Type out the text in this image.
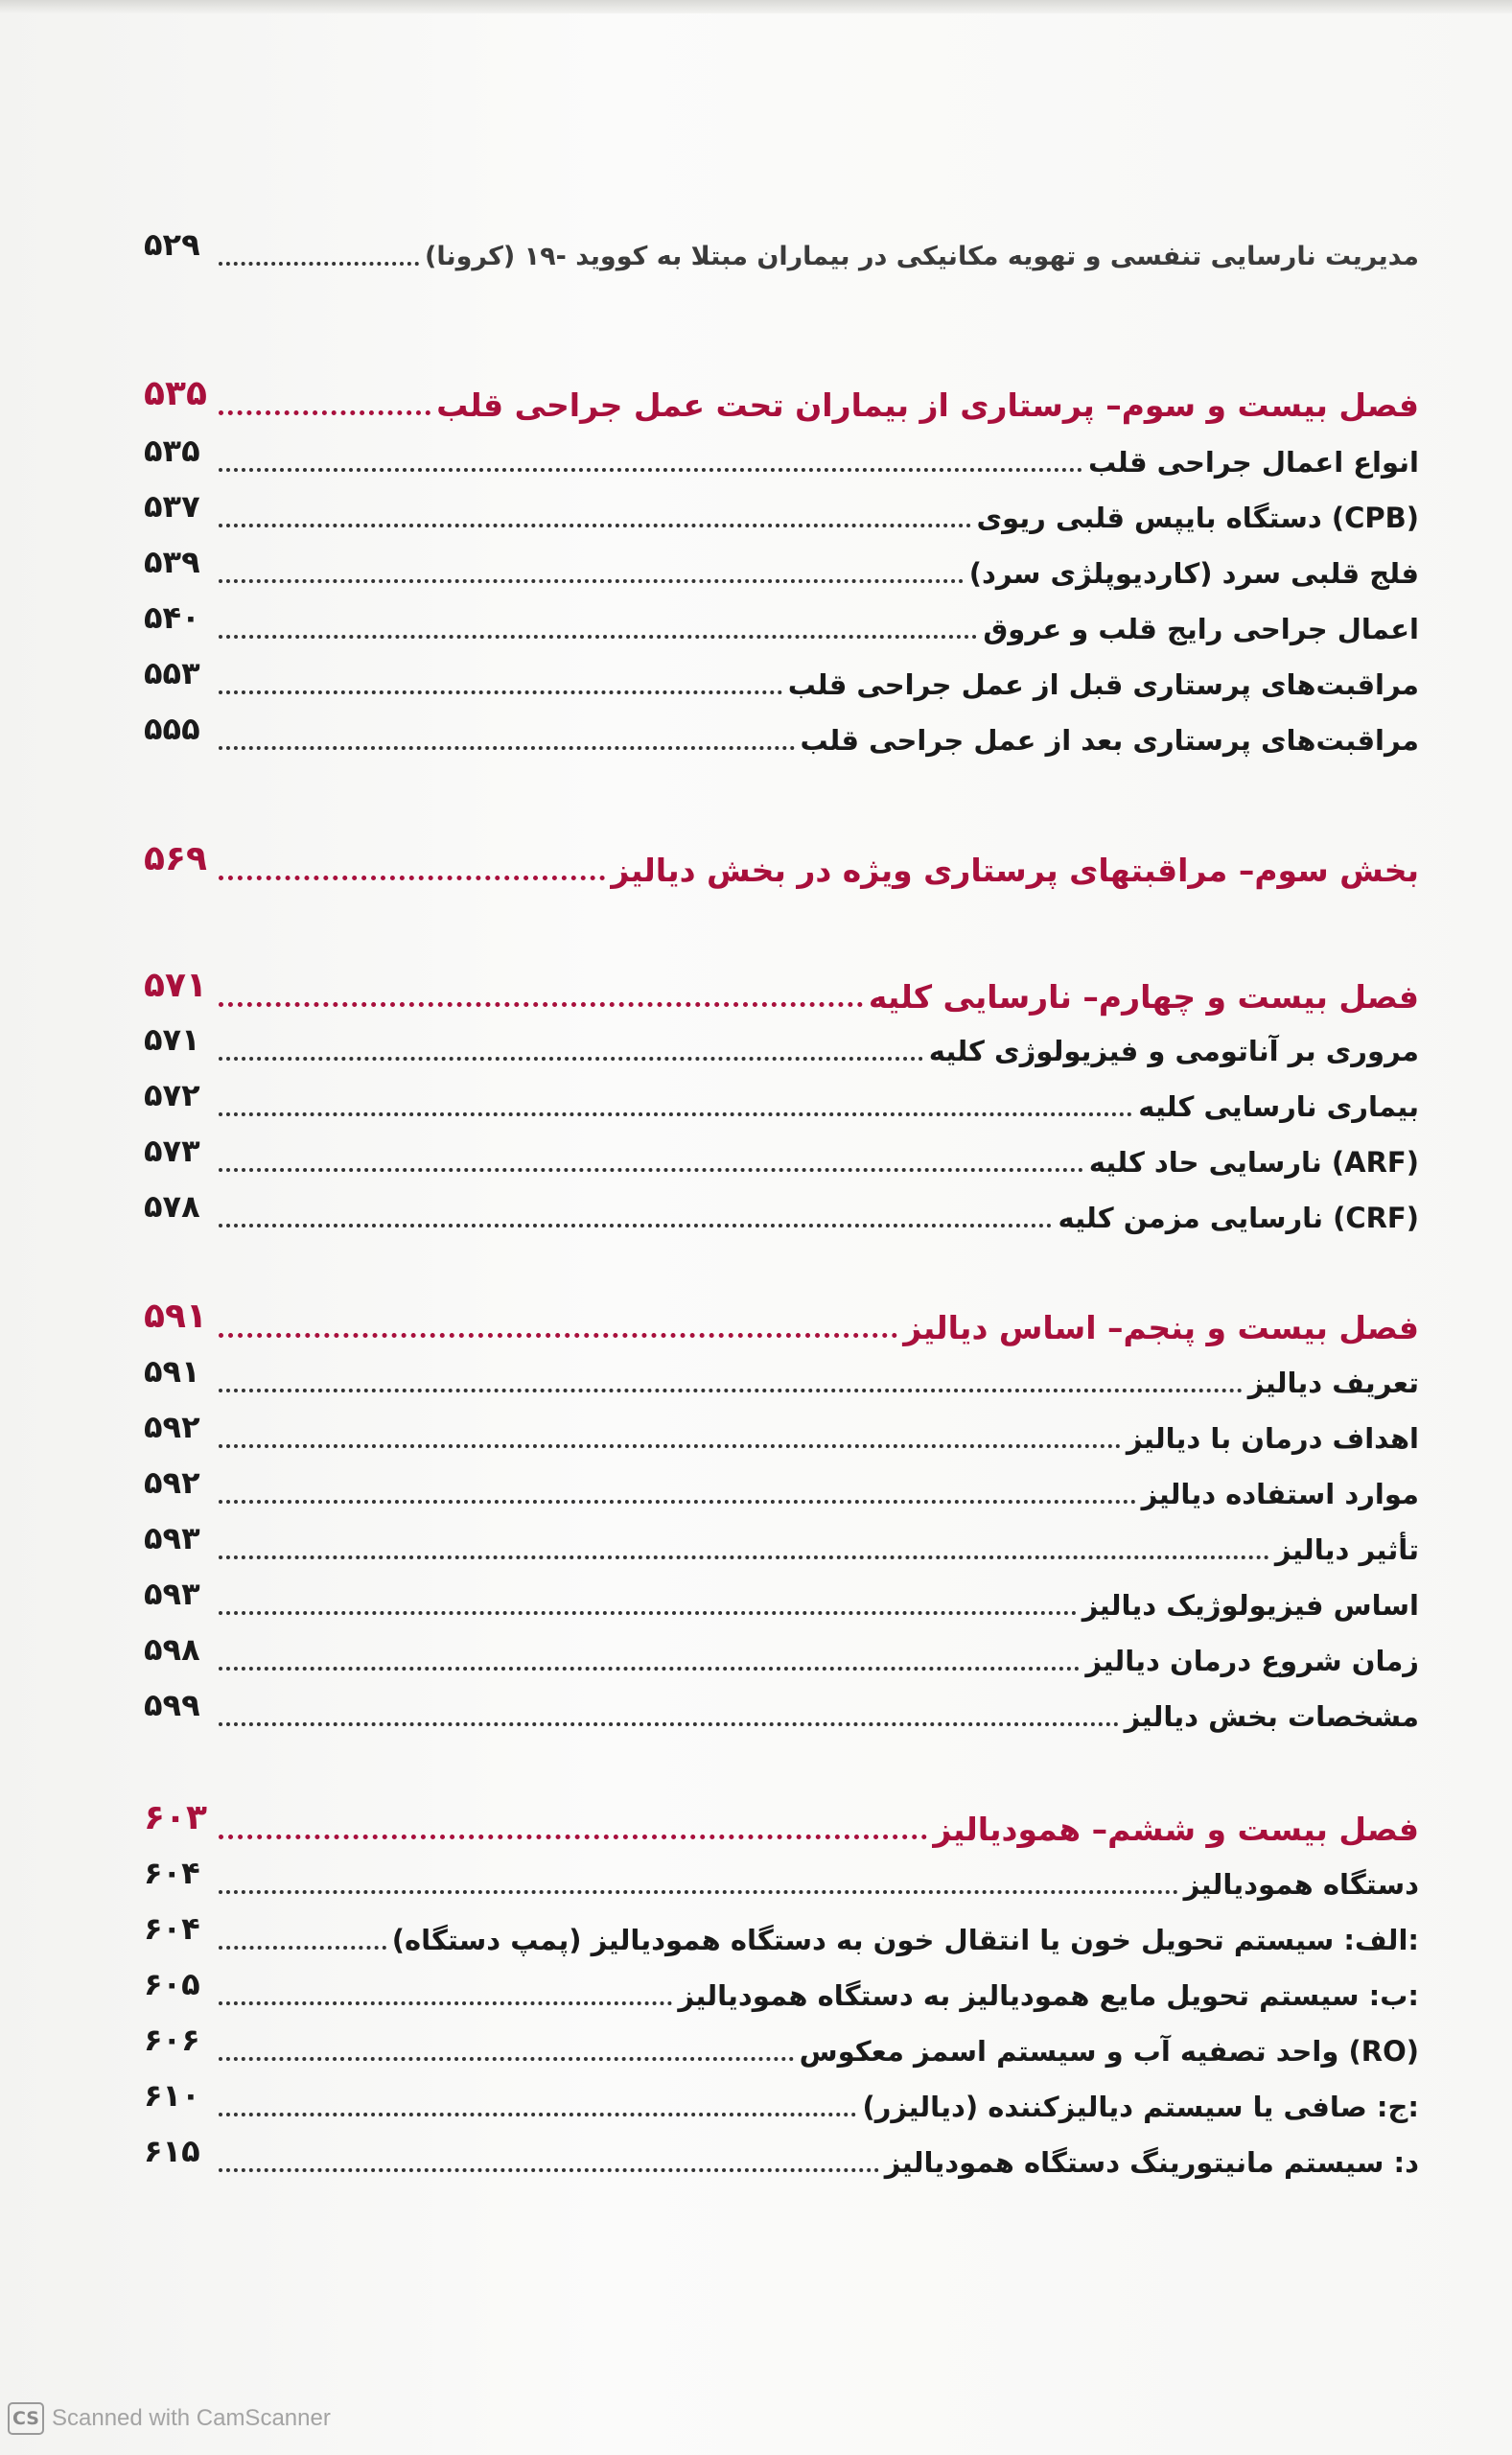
مدیریت نارسایی تنفسی و تهویه مکانیکی در بیماران مبتلا به کووید -۱۹ (کرونا)
۵۲۹
فصل بیست و سوم– پرستاری از بیماران تحت عمل جراحی قلب
۵۳۵
انواع اعمال جراحی قلب
۵۳۵
دستگاه بایپس قلبی ریوی (CPB)
۵۳۷
فلج قلبی سرد (کاردیوپلژی سرد)
۵۳۹
اعمال جراحی رایج قلب و عروق
۵۴۰
مراقبت‌های پرستاری قبل از عمل جراحی قلب
۵۵۳
مراقبت‌های پرستاری بعد از عمل جراحی قلب
۵۵۵
بخش سوم– مراقبتهای پرستاری ویژه در بخش دیالیز
۵۶۹
فصل بیست و چهارم– نارسایی کلیه
۵۷۱
مروری بر آناتومی و فیزیولوژی کلیه
۵۷۱
بیماری نارسایی کلیه
۵۷۲
نارسایی حاد کلیه (ARF)
۵۷۳
نارسایی مزمن کلیه (CRF)
۵۷۸
فصل بیست و پنجم– اساس دیالیز
۵۹۱
تعریف دیالیز
۵۹۱
اهداف درمان با دیالیز
۵۹۲
موارد استفاده دیالیز
۵۹۲
تأثیر دیالیز
۵۹۳
اساس فیزیولوژیک دیالیز
۵۹۳
زمان شروع درمان دیالیز
۵۹۸
مشخصات بخش دیالیز
۵۹۹
فصل بیست و ششم– همودیالیز
۶۰۳
دستگاه همودیالیز
۶۰۴
الف: سیستم تحویل خون یا انتقال خون به دستگاه همودیالیز (پمپ دستگاه):
۶۰۴
ب: سیستم تحویل مایع همودیالیز به دستگاه همودیالیز:
۶۰۵
واحد تصفیه آب و سیستم اسمز معکوس (RO)
۶۰۶
ج: صافی یا سیستم دیالیزکننده (دیالیزر):
۶۱۰
د: سیستم مانیتورینگ دستگاه همودیالیز
۶۱۵
CS Scanned with CamScanner
